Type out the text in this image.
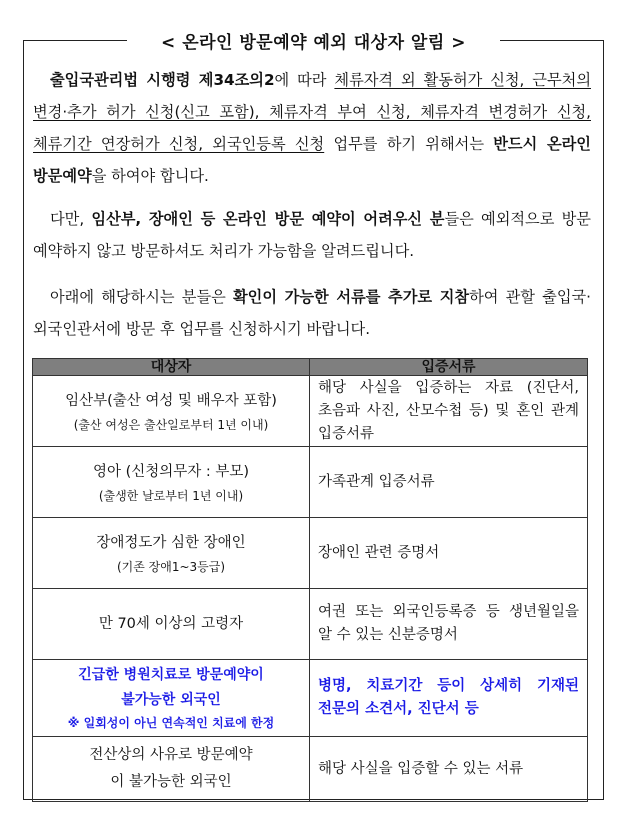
< 온라인 방문예약 예외 대상자 알림 >
출입국관리법 시행령 제34조의2에 따라 체류자격 외 활동허가 신청, 근무처의 변경·추가 허가 신청(신고 포함), 체류자격 부여 신청, 체류자격 변경허가 신청, 체류기간 연장허가 신청, 외국인등록 신청 업무를 하기 위해서는 반드시 온라인 방문예약을 하여야 합니다.
다만, 임산부, 장애인 등 온라인 방문 예약이 어려우신 분들은 예외적으로 방문 예약하지 않고 방문하셔도 처리가 가능함을 알려드립니다.
아래에 해당하시는 분들은 확인이 가능한 서류를 추가로 지참하여 관할 출입국·외국인관서에 방문 후 업무를 신청하시기 바랍니다.
대상자	입증서류

임산부(출산 여성 및 배우자 포함)
(출산 여성은 출산일로부터 1년 이내)	해당 사실을 입증하는 자료 (진단서, 초음파 사진, 산모수첩 등) 및 혼인 관계 입증서류

영아 (신청의무자 : 부모)
(출생한 날로부터 1년 이내)	가족관계 입증서류

장애정도가 심한 장애인
(기존 장애1~3등급)	장애인 관련 증명서

만 70세 이상의 고령자	여권 또는 외국인등록증 등 생년월일을 알 수 있는 신분증명서

긴급한 병원치료로 방문예약이 불가능한 외국인
※ 일회성이 아닌 연속적인 치료에 한정	병명, 치료기간 등이 상세히 기재된 전문의 소견서, 진단서 등

전산상의 사유로 방문예약이 불가능한 외국인	해당 사실을 입증할 수 있는 서류
